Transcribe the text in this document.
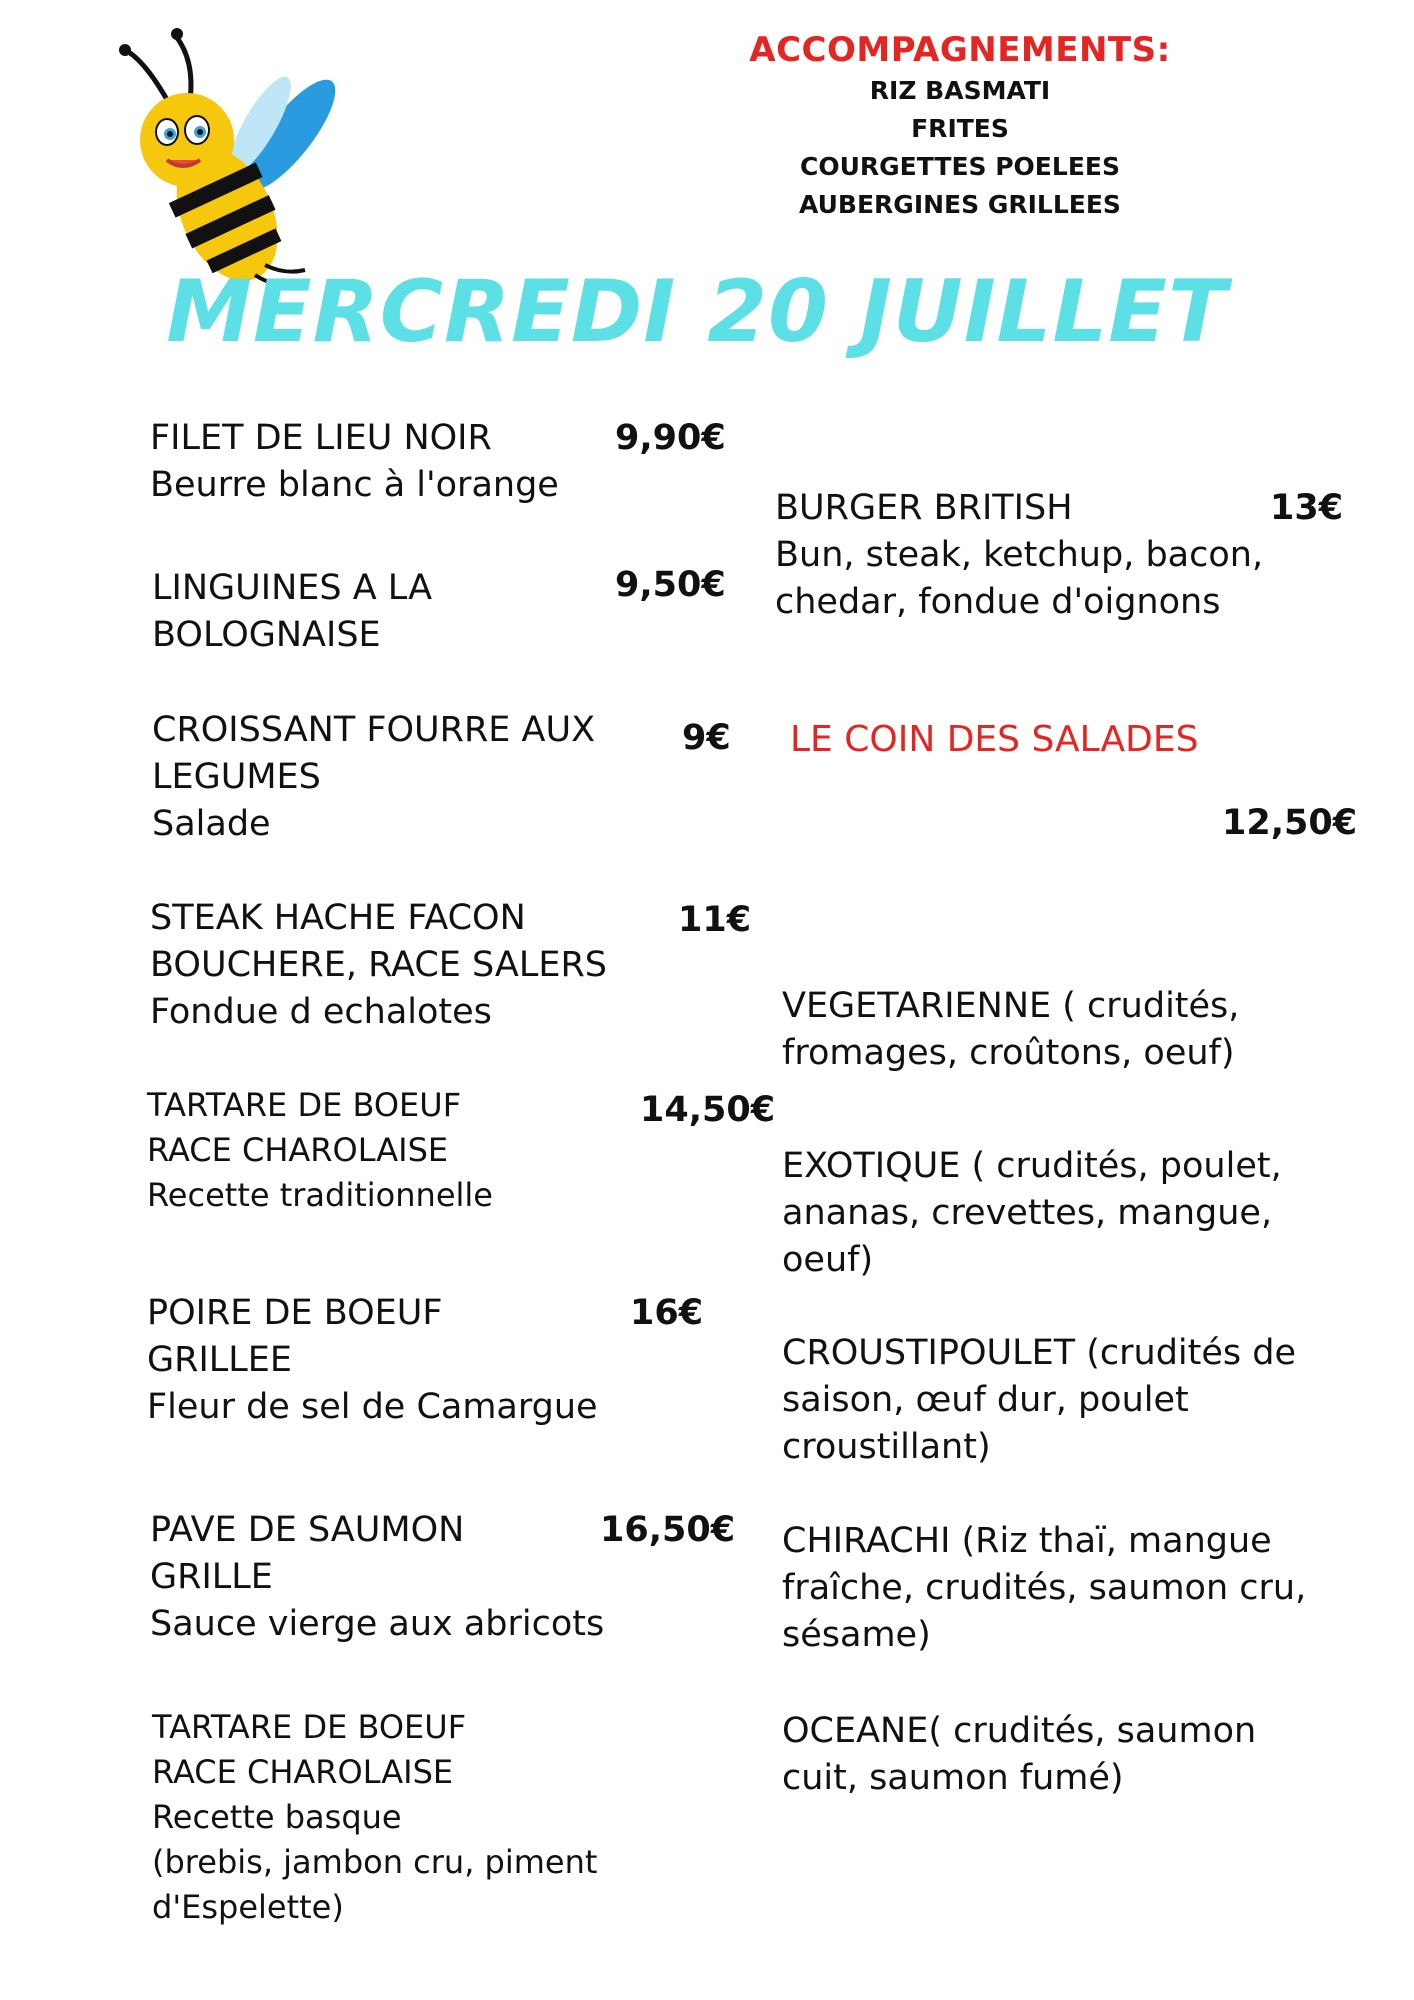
ACCOMPAGNEMENTS:
RIZ BASMATI
FRITES
COURGETTES POELEES
AUBERGINES GRILLEES
MERCREDI 20 JUILLET
FILET DE LIEU NOIR
Beurre blanc à l'orange
9,90€
LINGUINES A LA
BOLOGNAISE
9,50€
CROISSANT FOURRE AUX
LEGUMES
Salade
9€
STEAK HACHE FACON
BOUCHERE, RACE SALERS
Fondue d echalotes
11€
TARTARE DE BOEUF
RACE CHAROLAISE
Recette traditionnelle
14,50€
POIRE DE BOEUF
GRILLEE
Fleur de sel de Camargue
16€
PAVE DE SAUMON
GRILLE
Sauce vierge aux abricots
16,50€
TARTARE DE BOEUF
RACE CHAROLAISE
Recette basque
(brebis, jambon cru, piment
d'Espelette)
BURGER BRITISH
Bun, steak, ketchup, bacon,
chedar, fondue d'oignons
13€
LE COIN DES SALADES
12,50€
VEGETARIENNE ( crudités,
fromages, croûtons, oeuf)
EXOTIQUE ( crudités, poulet,
ananas, crevettes, mangue,
oeuf)
CROUSTIPOULET (crudités de
saison, œuf dur, poulet
croustillant)
CHIRACHI (Riz thaï, mangue
fraîche, crudités, saumon cru,
sésame)
OCEANE( crudités, saumon
cuit, saumon fumé)
